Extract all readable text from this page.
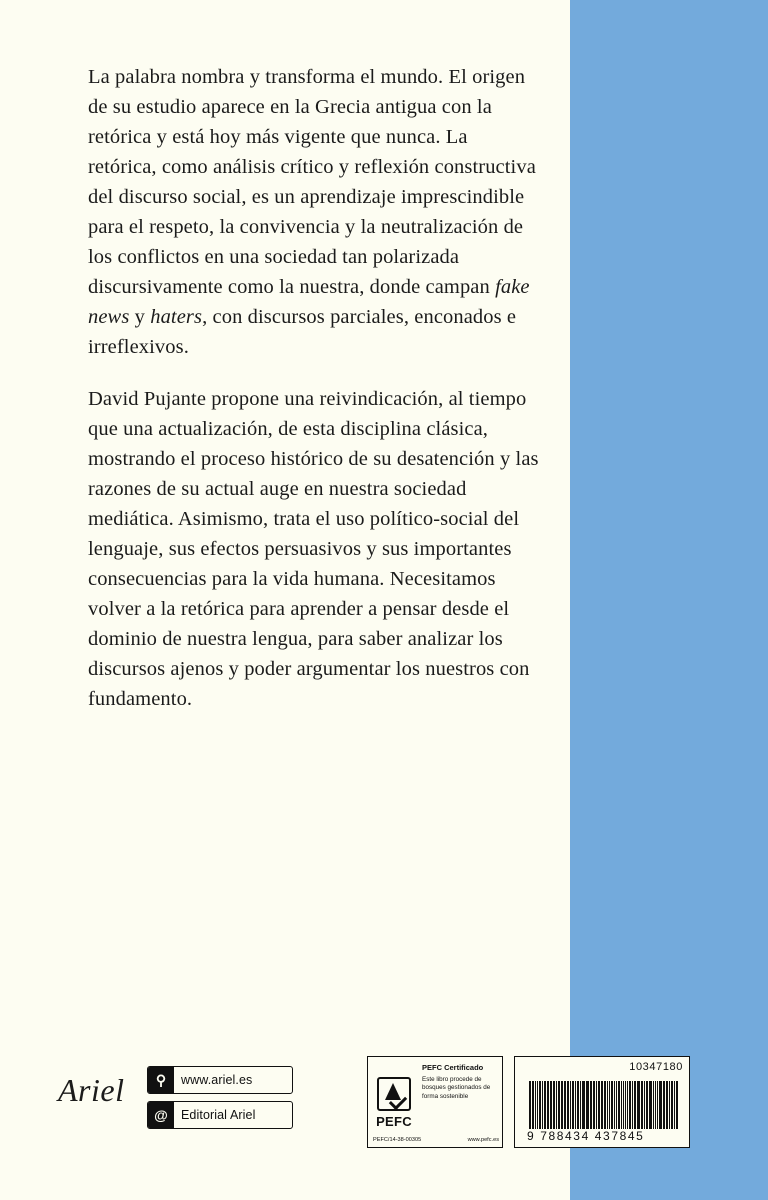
La palabra nombra y transforma el mundo. El origen de su estudio aparece en la Grecia antigua con la retórica y está hoy más vigente que nunca. La retórica, como análisis crítico y reflexión constructiva del discurso social, es un aprendizaje imprescindible para el respeto, la convivencia y la neutralización de los conflictos en una sociedad tan polarizada discursivamente como la nuestra, donde campan fake news y haters, con discursos parciales, enconados e irreflexivos.

David Pujante propone una reivindicación, al tiempo que una actualización, de esta disciplina clásica, mostrando el proceso histórico de su desatención y las razones de su actual auge en nuestra sociedad mediática. Asimismo, trata el uso político-social del lenguaje, sus efectos persuasivos y sus importantes consecuencias para la vida humana. Necesitamos volver a la retórica para aprender a pensar desde el dominio de nuestra lengua, para saber analizar los discursos ajenos y poder argumentar los nuestros con fundamento.

Ariel	⚲	www.ariel.es
@	Editorial Ariel	PEFC
PEFC Certificado
Este libro procede de bosques gestionados de forma sostenible
PEFC/14-38-00305	www.pefc.es
10347180
9 788434 437845
